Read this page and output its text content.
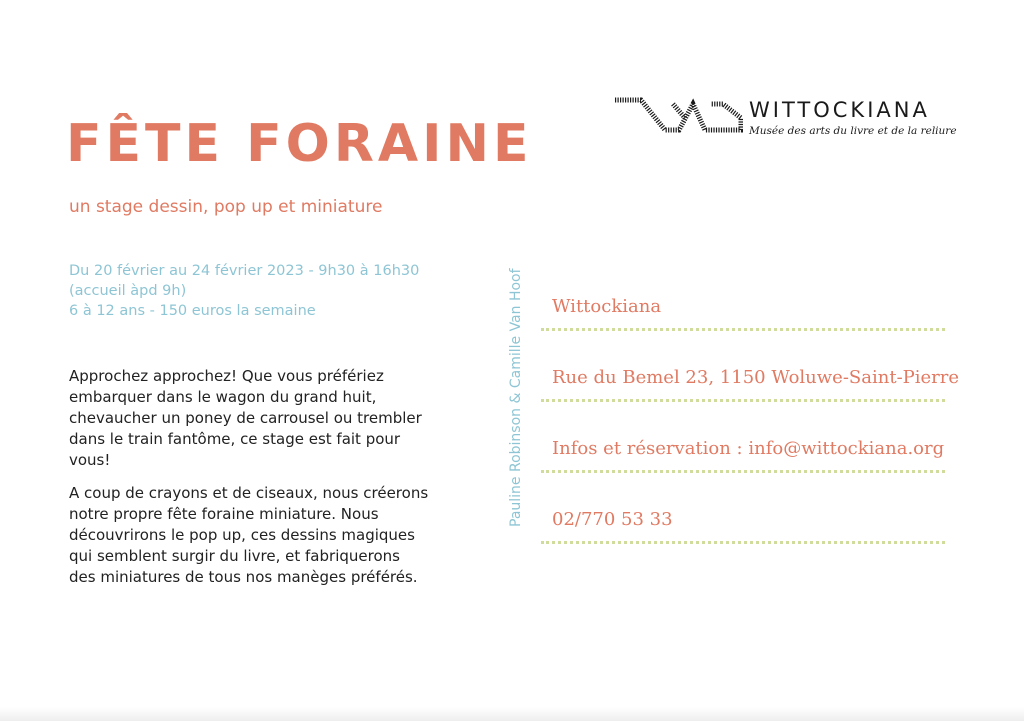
FÊTE FORAINE
un stage dessin, pop up et miniature
Du 20 février au 24 février 2023 - 9h30 à 16h30
(accueil àpd 9h)
6 à 12 ans - 150 euros la semaine

Approchez approchez! Que vous préfériez embarquer dans le wagon du grand huit, chevaucher un poney de carrousel ou trembler dans le train fantôme, ce stage est fait pour vous!

A coup de crayons et de ciseaux, nous créerons notre propre fête foraine miniature. Nous découvrirons le pop up, ces dessins magiques qui semblent surgir du livre, et fabriquerons des miniatures de tous nos manèges préférés.

Pauline Robinson & Camille Van Hoof
WITTOCKIANA
Musée des arts du livre et de la reliure
Wittockiana
Rue du Bemel 23, 1150 Woluwe-Saint-Pierre
Infos et réservation : info@wittockiana.org
02/770 53 33
